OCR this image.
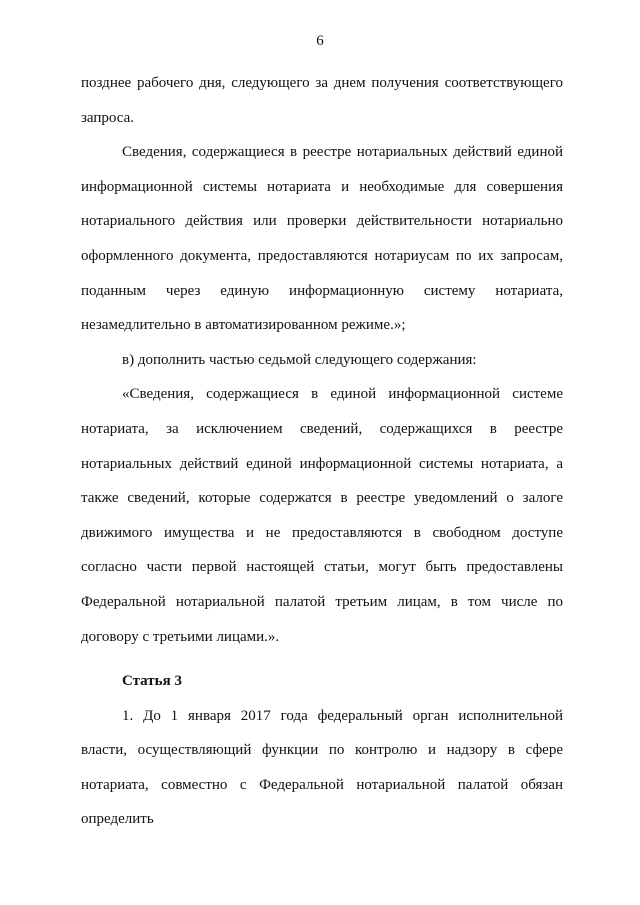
6

позднее рабочего дня, следующего за днем получения соответствующего запроса.

Сведения, содержащиеся в реестре нотариальных действий единой информационной системы нотариата и необходимые для совершения нотариального действия или проверки действительности нотариально оформленного документа, предоставляются нотариусам по их запросам, поданным через единую информационную систему нотариата, незамедлительно в автоматизированном режиме.»;

в) дополнить частью седьмой следующего содержания:

«Сведения, содержащиеся в единой информационной системе нотариата, за исключением сведений, содержащихся в реестре нотариальных действий единой информационной системы нотариата, а также сведений, которые содержатся в реестре уведомлений о залоге движимого имущества и не предоставляются в свободном доступе согласно части первой настоящей статьи, могут быть предоставлены Федеральной нотариальной палатой третьим лицам, в том числе по договору с третьими лицами.».

Статья 3

1. До 1 января 2017 года федеральный орган исполнительной власти, осуществляющий функции по контролю и надзору в сфере нотариата, совместно с Федеральной нотариальной палатой обязан определить
